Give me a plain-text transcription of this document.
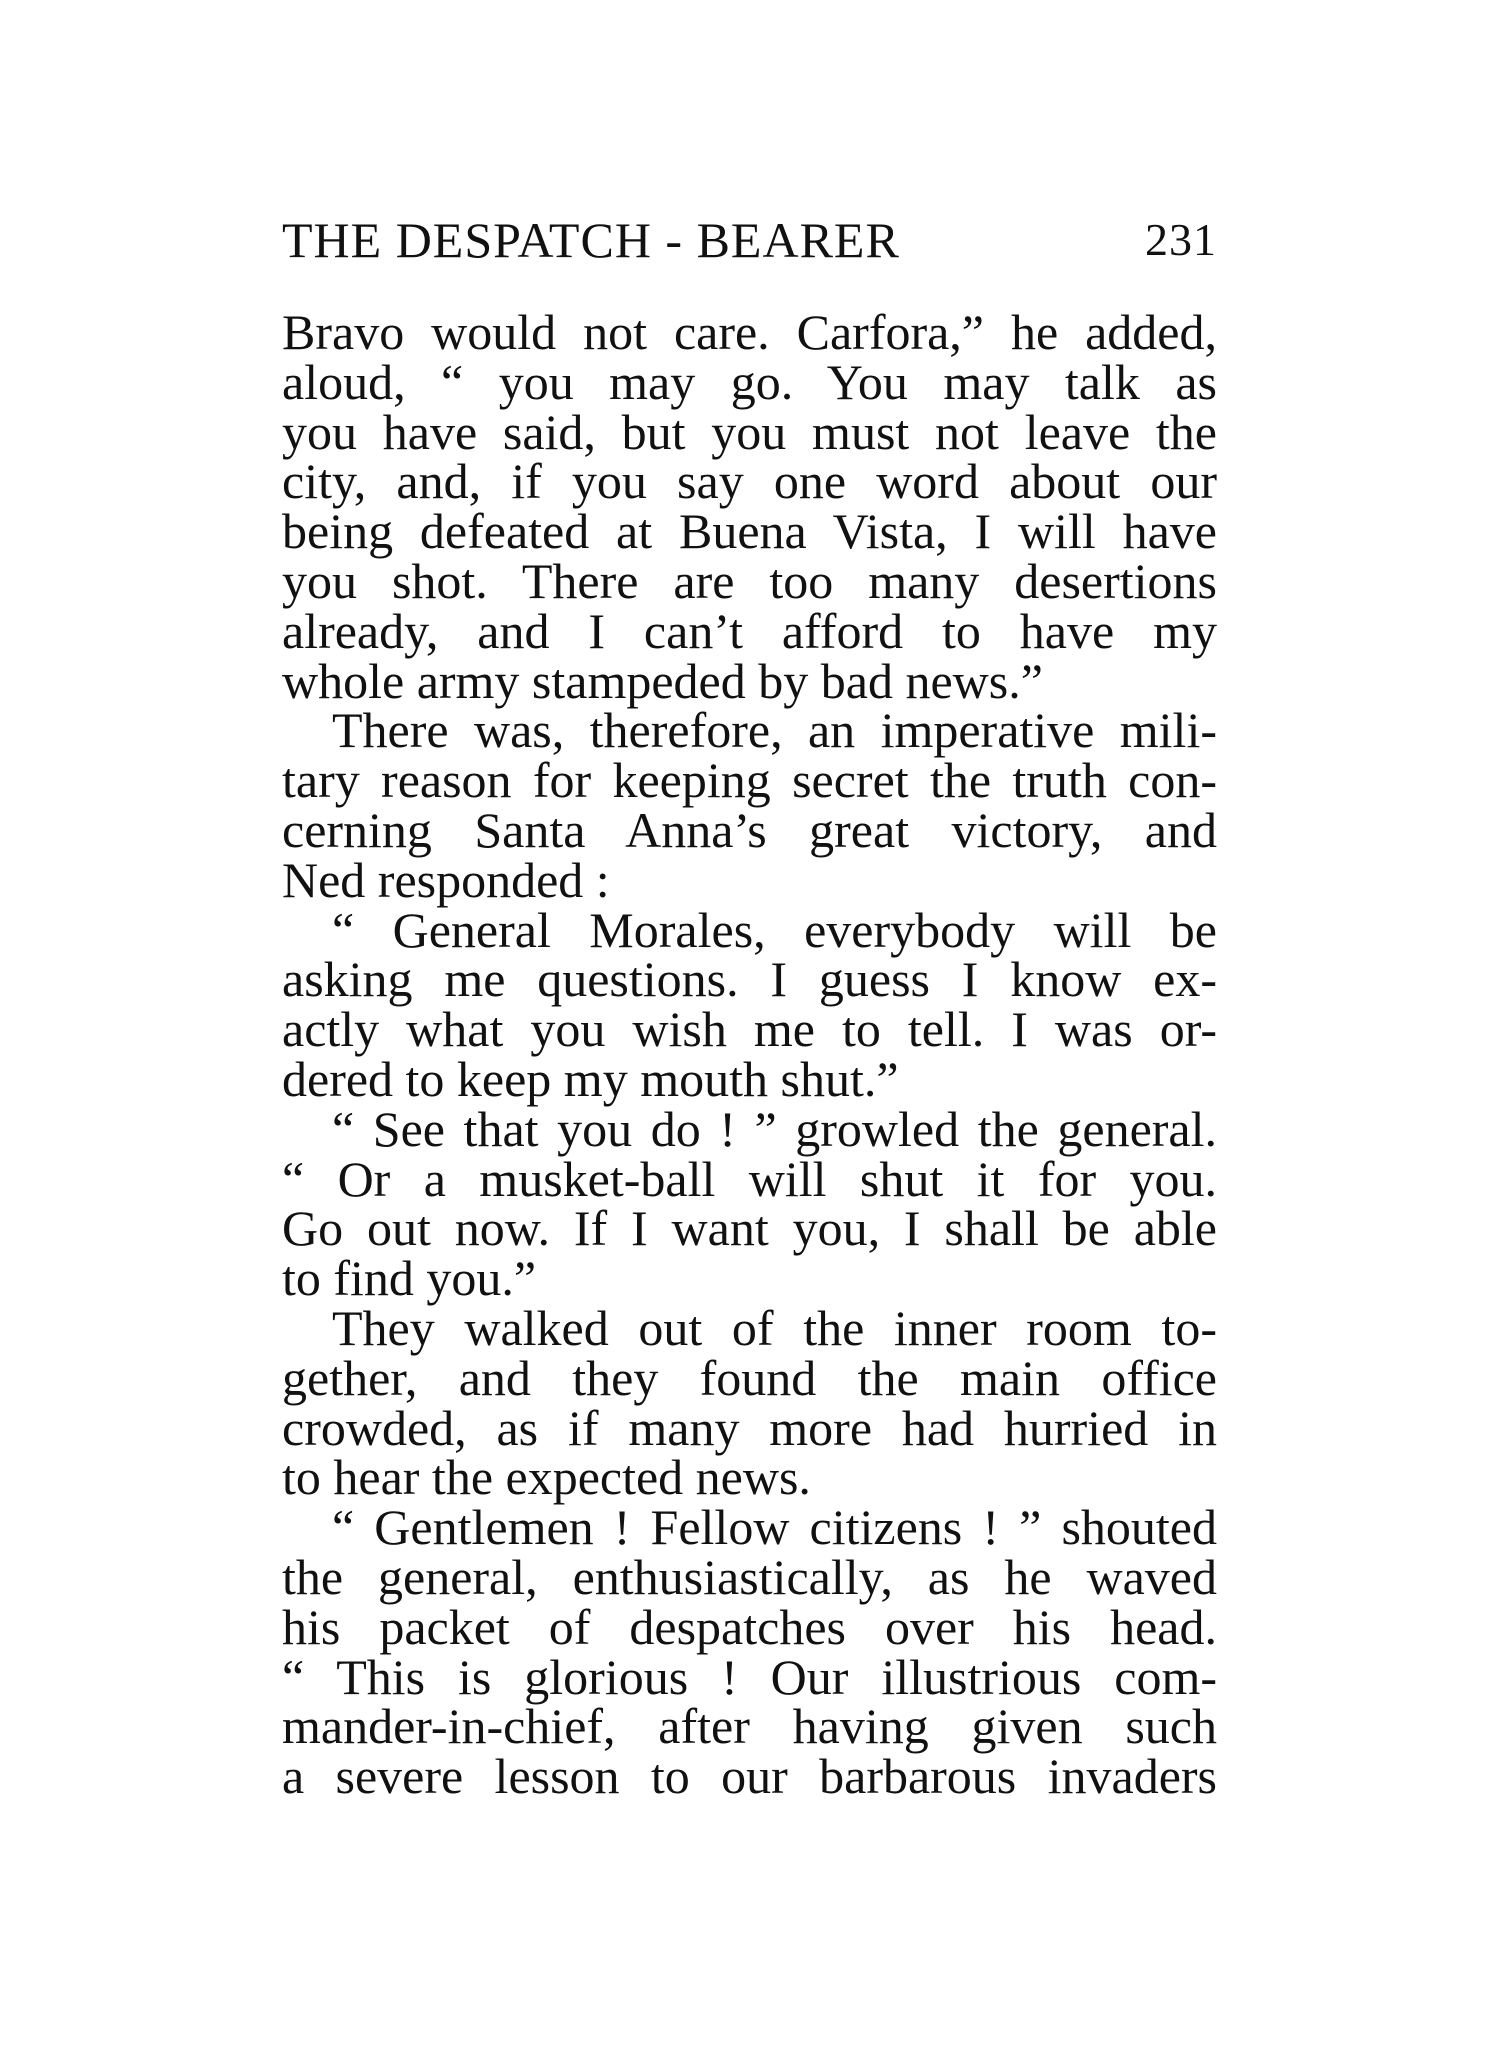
THE DESPATCH - BEARER	231
Bravo would not care. Carfora,” he added,
aloud, “ you may go. You may talk as
you have said, but you must not leave the
city, and, if you say one word about our
being defeated at Buena Vista, I will have
you shot. There are too many desertions
already, and I can’t afford to have my
whole army stampeded by bad news.”
There was, therefore, an imperative mili-
tary reason for keeping secret the truth con-
cerning Santa Anna’s great victory, and
Ned responded :
“ General Morales, everybody will be
asking me questions. I guess I know ex-
actly what you wish me to tell. I was or-
dered to keep my mouth shut.”
“ See that you do ! ” growled the general.
“ Or a musket-ball will shut it for you.
Go out now. If I want you, I shall be able
to find you.”
They walked out of the inner room to-
gether, and they found the main office
crowded, as if many more had hurried in
to hear the expected news.
“ Gentlemen ! Fellow citizens ! ” shouted
the general, enthusiastically, as he waved
his packet of despatches over his head.
“ This is glorious ! Our illustrious com-
mander-in-chief, after having given such
a severe lesson to our barbarous invaders
